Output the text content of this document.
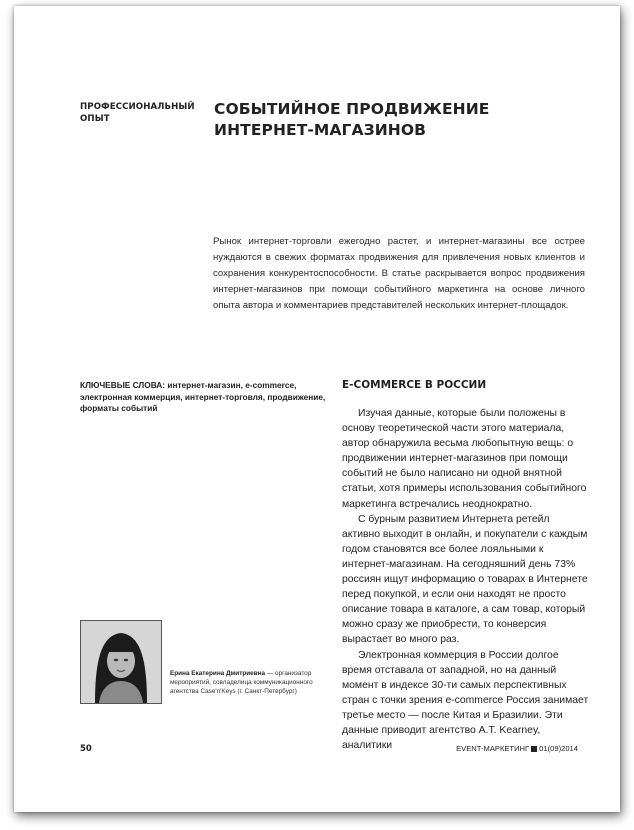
ПРОФЕССИОНАЛЬНЫЙ ОПЫТ
СОБЫТИЙНОЕ ПРОДВИЖЕНИЕ ИНТЕРНЕТ-МАГАЗИНОВ
Рынок интернет-торговли ежегодно растет, и интернет-магазины все острее нуждаются в свежих форматах продвижения для привлечения новых клиентов и сохранения конкурентоспособности. В статье раскрывается вопрос продвижения интернет-магазинов при помощи событийного маркетинга на основе личного опыта автора и комментариев представителей нескольких интернет-площадок.
КЛЮЧЕВЫЕ СЛОВА: интернет-магазин, e-commerce, электронная коммерция, интернет-торговля, продвижение, форматы событий
E-COMMERCE В РОССИИ

Изучая данные, которые были положены в основу теоретической части этого материала, автор обнаружила весьма любопытную вещь: о продвижении интернет-магазинов при помощи событий не было написано ни одной внятной статьи, хотя примеры использования событийного маркетинга встречались неоднократно.

С бурным развитием Интернета ретейл активно выходит в онлайн, и покупатели с каждым годом становятся все более лояльными к интернет-магазинам. На сегодняшний день 73% россиян ищут информацию о товарах в Интернете перед покупкой, и если они находят не просто описание товара в каталоге, а сам товар, который можно сразу же приобрести, то конверсия вырастает во много раз.

Электронная коммерция в России долгое время отставала от западной, но на данный момент в индексе 30-ти самых перспективных стран с точки зрения e-commerce Россия занимает третье место — после Китая и Бразилии. Эти данные приводит агентство A.T. Kearney, аналитики

Ерина Екатерина Дмитриевна — организатор мероприятий, совладелица коммуникационного агентства Case'n'Keys (г. Санкт-Петербург)
50	EVENT-МАРКЕТИНГ 01(09)2014
